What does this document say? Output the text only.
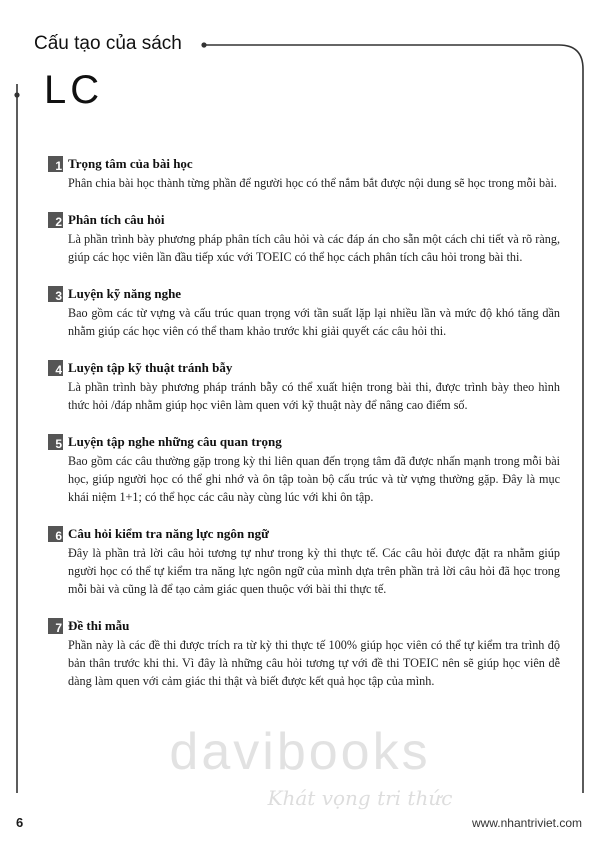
Cấu tạo của sách
LC
1 Trọng tâm của bài học
Phân chia bài học thành từng phần để người học có thể nắm bắt được nội dung sẽ học trong mỗi bài.
2 Phân tích câu hỏi
Là phần trình bày phương pháp phân tích câu hỏi và các đáp án cho sẵn một cách chi tiết và rõ ràng, giúp các học viên lần đầu tiếp xúc với TOEIC có thể học cách phân tích câu hỏi trong bài thi.
3 Luyện kỹ năng nghe
Bao gồm các từ vựng và cấu trúc quan trọng với tần suất lặp lại nhiều lần và mức độ khó tăng dần nhằm giúp các học viên có thể tham khảo trước khi giải quyết các câu hỏi thi.
4 Luyện tập kỹ thuật tránh bẫy
Là phần trình bày phương pháp tránh bẫy có thể xuất hiện trong bài thi, được trình bày theo hình thức hỏi /đáp nhằm giúp học viên làm quen với kỹ thuật này để nâng cao điểm số.
5 Luyện tập nghe những câu quan trọng
Bao gồm các câu thường gặp trong kỳ thi liên quan đến trọng tâm đã được nhấn mạnh trong mỗi bài học, giúp người học có thể ghi nhớ và ôn tập toàn bộ cấu trúc và từ vựng thường gặp. Đây là mục khái niệm 1+1; có thể học các câu này cùng lúc với khi ôn tập.
6 Câu hỏi kiểm tra năng lực ngôn ngữ
Đây là phần trả lời câu hỏi tương tự như trong kỳ thi thực tế. Các câu hỏi được đặt ra nhằm giúp người học có thể tự kiểm tra năng lực ngôn ngữ của mình dựa trên phần trả lời câu hỏi đã học trong mỗi bài và cũng là để tạo cảm giác quen thuộc với bài thi thực tế.
7 Đề thi mẫu
Phần này là các đề thi được trích ra từ kỳ thi thực tế 100% giúp học viên có thể tự kiểm tra trình độ bản thân trước khi thi. Vì đây là những câu hỏi tương tự với đề thi TOEIC nên sẽ giúp học viên dễ dàng làm quen với cảm giác thi thật và biết được kết quả học tập của mình.
davibooks
Khát vọng tri thức
6	www.nhantriviet.com
